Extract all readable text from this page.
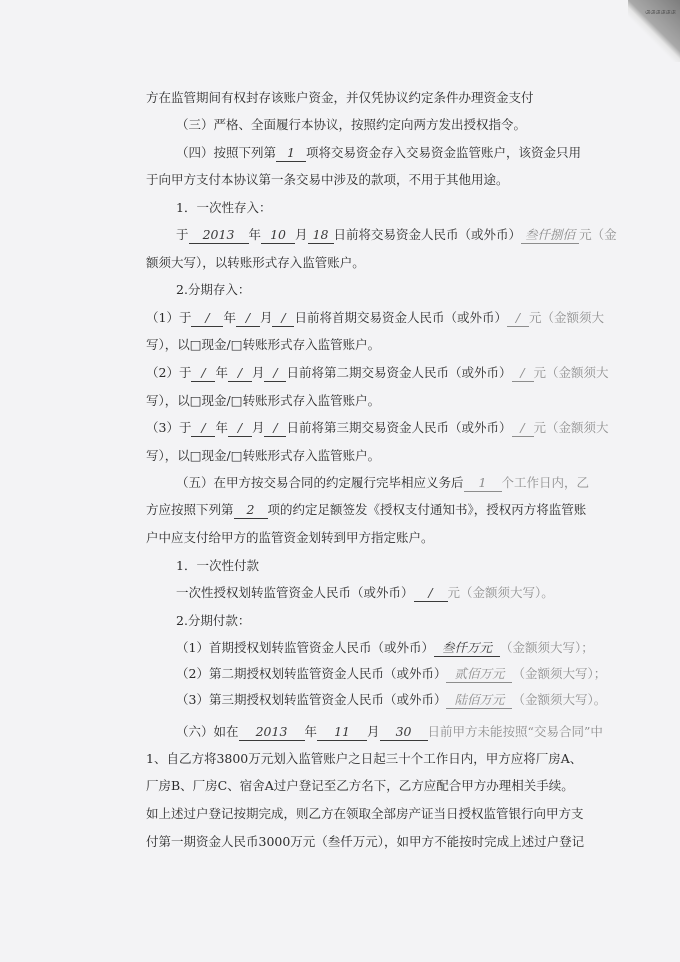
ଔଔଔଔଔଔ
方在监管期间有权封存该账户资金，并仅凭协议约定条件办理资金支付
（三）严格、全面履行本协议，按照约定向两方发出授权指令。
（四）按照下列第 1 项将交易资金存入交易资金监管账户，该资金只用
于向甲方支付本协议第一条交易中涉及的款项，不用于其他用途。
1．一次性存入：
于 2013 年 10 月 18 日前将交易资金人民币（或外币） 叁仟捌佰 元（金
额须大写），以转账形式存入监管账户。
2.分期存入：
（1）于 / 年 / 月 / 日前将首期交易资金人民币（或外币） / 元（金额须大
写），以□现金/□转账形式存入监管账户。
（2）于 / 年 / 月 / 日前将第二期交易资金人民币（或外币） / 元（金额须大
写），以□现金/□转账形式存入监管账户。
（3）于 / 年 / 月 / 日前将第三期交易资金人民币（或外币） / 元（金额须大
写），以□现金/□转账形式存入监管账户。
（五）在甲方按交易合同的约定履行完毕相应义务后 1 个工作日内，乙
方应按照下列第 2 项的约定足额签发《授权支付通知书》，授权丙方将监管账
户中应支付给甲方的监管资金划转到甲方指定账户。
1．一次性付款
一次性授权划转监管资金人民币（或外币） / 元（金额须大写）。
2.分期付款：
（1）首期授权划转监管资金人民币（或外币） 叁仟万元 （金额须大写）；
（2）第二期授权划转监管资金人民币（或外币） 贰佰万元 （金额须大写）；
（3）第三期授权划转监管资金人民币（或外币） 陆佰万元 （金额须大写）。
（六）如在 2013 年 11 月 30 日前甲方未能按照“交易合同”中
1、自乙方将3800万元划入监管账户之日起三十个工作日内，甲方应将厂房A、
厂房B、厂房C、宿舍A过户登记至乙方名下，乙方应配合甲方办理相关手续。
如上述过户登记按期完成，则乙方在领取全部房产证当日授权监管银行向甲方支
付第一期资金人民币3000万元（叁仟万元），如甲方不能按时完成上述过户登记
